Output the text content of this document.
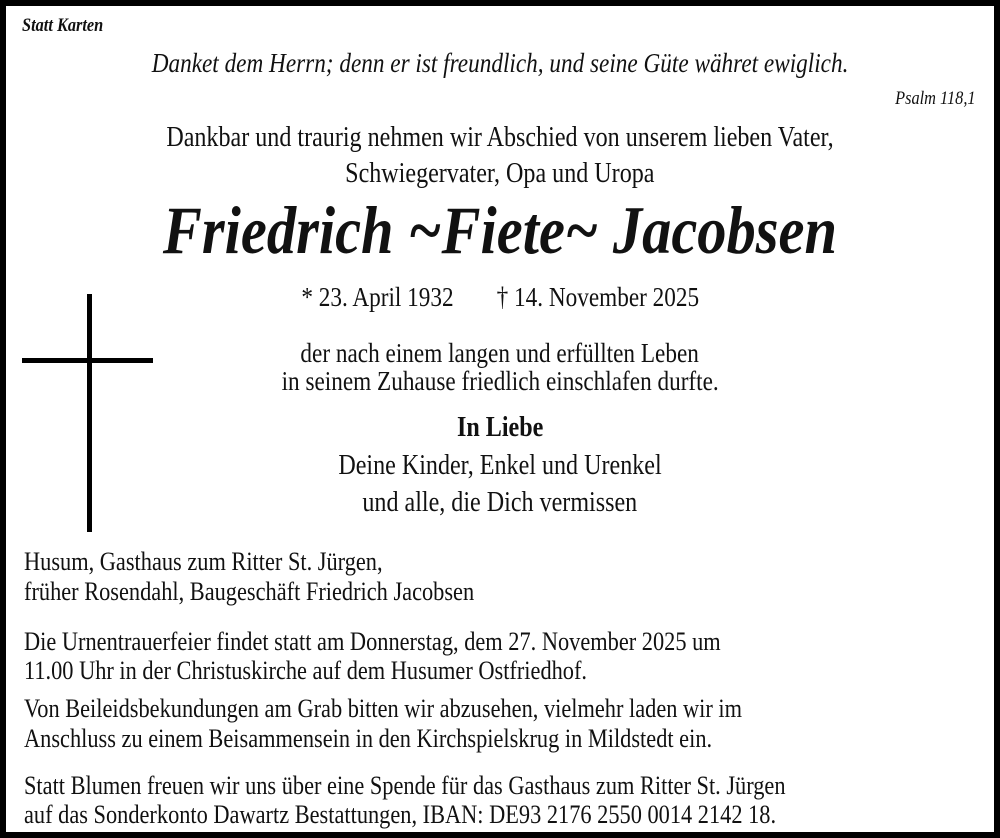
Statt Karten
Danket dem Herrn; denn er ist freundlich, und seine Güte währet ewiglich.
Psalm 118,1
Dankbar und traurig nehmen wir Abschied von unserem lieben Vater,
Schwiegervater, Opa und Uropa
Friedrich ~Fiete~ Jacobsen
* 23. April 1932 † 14. November 2025
der nach einem langen und erfüllten Leben
in seinem Zuhause friedlich einschlafen durfte.
In Liebe
Deine Kinder, Enkel und Urenkel
und alle, die Dich vermissen
Husum, Gasthaus zum Ritter St. Jürgen,
früher Rosendahl, Baugeschäft Friedrich Jacobsen
Die Urnentrauerfeier findet statt am Donnerstag, dem 27. November 2025 um
11.00 Uhr in der Christuskirche auf dem Husumer Ostfriedhof.
Von Beileidsbekundungen am Grab bitten wir abzusehen, vielmehr laden wir im
Anschluss zu einem Beisammensein in den Kirchspielskrug in Mildstedt ein.
Statt Blumen freuen wir uns über eine Spende für das Gasthaus zum Ritter St. Jürgen
auf das Sonderkonto Dawartz Bestattungen, IBAN: DE93 2176 2550 0014 2142 18.
